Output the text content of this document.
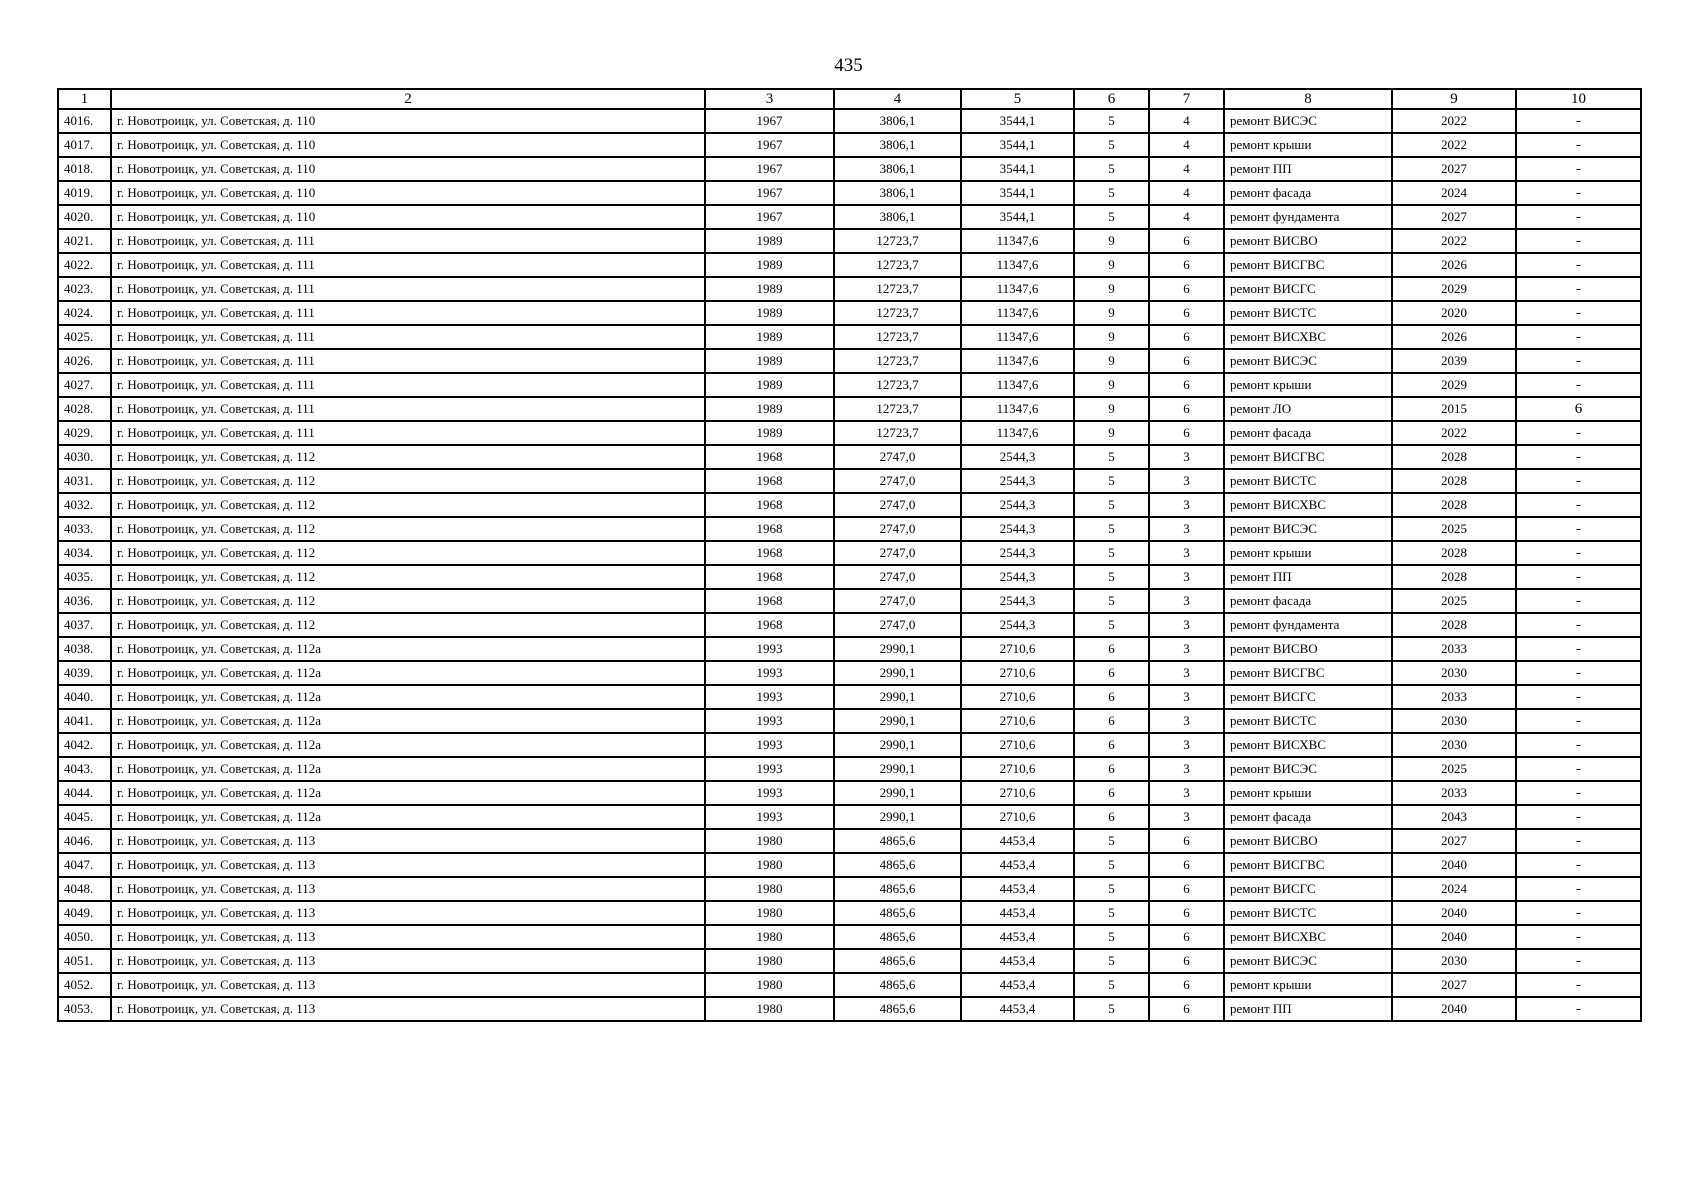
435
1	2	3	4	5	6	7	8	9	10
4016.	г. Новотроицк, ул. Советская, д. 110	1967	3806,1	3544,1	5	4	ремонт ВИСЭС	2022	-
4017.	г. Новотроицк, ул. Советская, д. 110	1967	3806,1	3544,1	5	4	ремонт крыши	2022	-
4018.	г. Новотроицк, ул. Советская, д. 110	1967	3806,1	3544,1	5	4	ремонт ПП	2027	-
4019.	г. Новотроицк, ул. Советская, д. 110	1967	3806,1	3544,1	5	4	ремонт фасада	2024	-
4020.	г. Новотроицк, ул. Советская, д. 110	1967	3806,1	3544,1	5	4	ремонт фундамента	2027	-
4021.	г. Новотроицк, ул. Советская, д. 111	1989	12723,7	11347,6	9	6	ремонт ВИСВО	2022	-
4022.	г. Новотроицк, ул. Советская, д. 111	1989	12723,7	11347,6	9	6	ремонт ВИСГВС	2026	-
4023.	г. Новотроицк, ул. Советская, д. 111	1989	12723,7	11347,6	9	6	ремонт ВИСГС	2029	-
4024.	г. Новотроицк, ул. Советская, д. 111	1989	12723,7	11347,6	9	6	ремонт ВИСТС	2020	-
4025.	г. Новотроицк, ул. Советская, д. 111	1989	12723,7	11347,6	9	6	ремонт ВИСХВС	2026	-
4026.	г. Новотроицк, ул. Советская, д. 111	1989	12723,7	11347,6	9	6	ремонт ВИСЭС	2039	-
4027.	г. Новотроицк, ул. Советская, д. 111	1989	12723,7	11347,6	9	6	ремонт крыши	2029	-
4028.	г. Новотроицк, ул. Советская, д. 111	1989	12723,7	11347,6	9	6	ремонт ЛО	2015	6
4029.	г. Новотроицк, ул. Советская, д. 111	1989	12723,7	11347,6	9	6	ремонт фасада	2022	-
4030.	г. Новотроицк, ул. Советская, д. 112	1968	2747,0	2544,3	5	3	ремонт ВИСГВС	2028	-
4031.	г. Новотроицк, ул. Советская, д. 112	1968	2747,0	2544,3	5	3	ремонт ВИСТС	2028	-
4032.	г. Новотроицк, ул. Советская, д. 112	1968	2747,0	2544,3	5	3	ремонт ВИСХВС	2028	-
4033.	г. Новотроицк, ул. Советская, д. 112	1968	2747,0	2544,3	5	3	ремонт ВИСЭС	2025	-
4034.	г. Новотроицк, ул. Советская, д. 112	1968	2747,0	2544,3	5	3	ремонт крыши	2028	-
4035.	г. Новотроицк, ул. Советская, д. 112	1968	2747,0	2544,3	5	3	ремонт ПП	2028	-
4036.	г. Новотроицк, ул. Советская, д. 112	1968	2747,0	2544,3	5	3	ремонт фасада	2025	-
4037.	г. Новотроицк, ул. Советская, д. 112	1968	2747,0	2544,3	5	3	ремонт фундамента	2028	-
4038.	г. Новотроицк, ул. Советская, д. 112а	1993	2990,1	2710,6	6	3	ремонт ВИСВО	2033	-
4039.	г. Новотроицк, ул. Советская, д. 112а	1993	2990,1	2710,6	6	3	ремонт ВИСГВС	2030	-
4040.	г. Новотроицк, ул. Советская, д. 112а	1993	2990,1	2710,6	6	3	ремонт ВИСГС	2033	-
4041.	г. Новотроицк, ул. Советская, д. 112а	1993	2990,1	2710,6	6	3	ремонт ВИСТС	2030	-
4042.	г. Новотроицк, ул. Советская, д. 112а	1993	2990,1	2710,6	6	3	ремонт ВИСХВС	2030	-
4043.	г. Новотроицк, ул. Советская, д. 112а	1993	2990,1	2710,6	6	3	ремонт ВИСЭС	2025	-
4044.	г. Новотроицк, ул. Советская, д. 112а	1993	2990,1	2710,6	6	3	ремонт крыши	2033	-
4045.	г. Новотроицк, ул. Советская, д. 112а	1993	2990,1	2710,6	6	3	ремонт фасада	2043	-
4046.	г. Новотроицк, ул. Советская, д. 113	1980	4865,6	4453,4	5	6	ремонт ВИСВО	2027	-
4047.	г. Новотроицк, ул. Советская, д. 113	1980	4865,6	4453,4	5	6	ремонт ВИСГВС	2040	-
4048.	г. Новотроицк, ул. Советская, д. 113	1980	4865,6	4453,4	5	6	ремонт ВИСГС	2024	-
4049.	г. Новотроицк, ул. Советская, д. 113	1980	4865,6	4453,4	5	6	ремонт ВИСТС	2040	-
4050.	г. Новотроицк, ул. Советская, д. 113	1980	4865,6	4453,4	5	6	ремонт ВИСХВС	2040	-
4051.	г. Новотроицк, ул. Советская, д. 113	1980	4865,6	4453,4	5	6	ремонт ВИСЭС	2030	-
4052.	г. Новотроицк, ул. Советская, д. 113	1980	4865,6	4453,4	5	6	ремонт крыши	2027	-
4053.	г. Новотроицк, ул. Советская, д. 113	1980	4865,6	4453,4	5	6	ремонт ПП	2040	-
